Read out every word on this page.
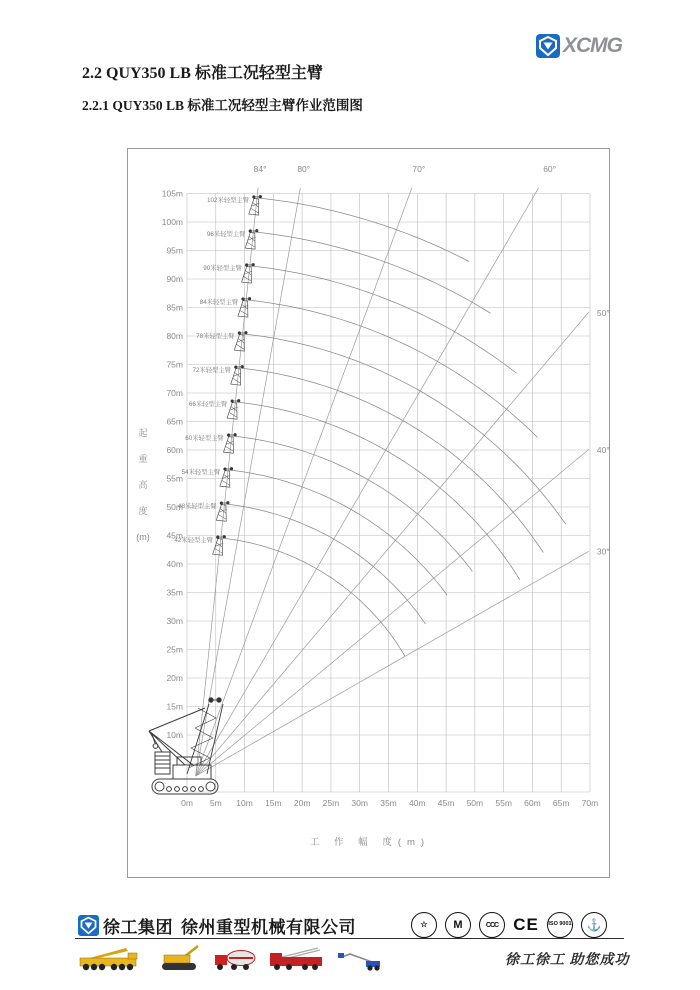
XCMG
2.2 QUY350 LB 标准工况轻型主臂
2.2.1 QUY350 LB 标准工况轻型主臂作业范围图
0m 5m 10m 15m 20m 25m 30m 35m 40m 45m 50m 55m 60m 65m 70m
105m
100m
95m
90m
85m
80m
75m
70m
65m
60m
55m
50m
45m
40m
35m
30m
25m
20m
15m
10m
工 作 幅 度(m)
起
重
高
度
(m)
84°	80°	70°	60°
50°
40°
30°
102米轻型主臂
96米轻型主臂
90米轻型主臂
84米轻型主臂
78米轻型主臂
72米轻型主臂
66米轻型主臂
60米轻型主臂
54米轻型主臂
48米轻型主臂
42米轻型主臂
徐工集团 徐州重型机械有限公司	☆	M	CCC CE ISO 9001	⚓
徐工徐工 助您成功
